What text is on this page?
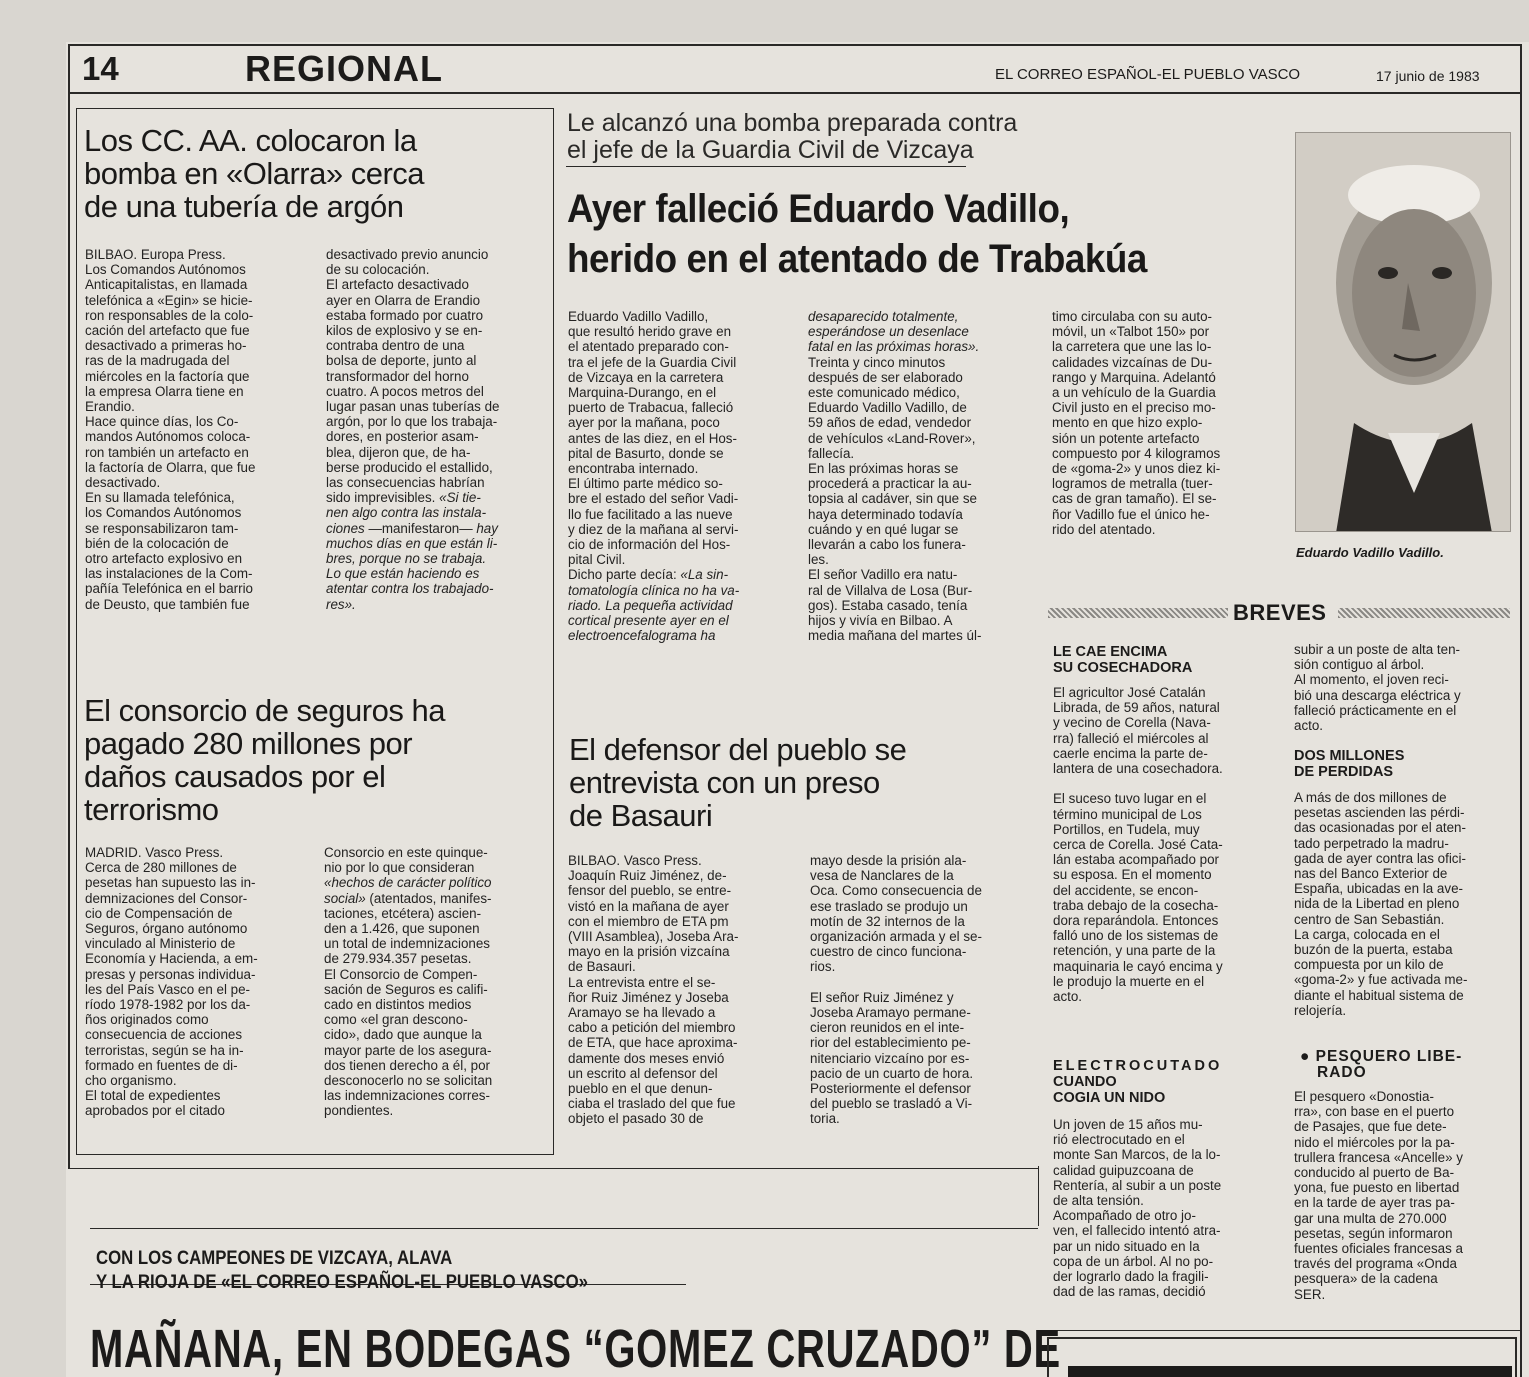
14	REGIONAL	EL CORREO ESPAÑOL-EL PUEBLO VASCO	17 junio de 1983
Los CC. AA. colocaron la
bomba en «Olarra» cerca
de una tubería de argón
BILBAO. Europa Press.
Los Comandos Autónomos
Anticapitalistas, en llamada
telefónica a «Egin» se hicie-
ron responsables de la colo-
cación del artefacto que fue
desactivado a primeras ho-
ras de la madrugada del
miércoles en la factoría que
la empresa Olarra tiene en
Erandio.
Hace quince días, los Co-
mandos Autónomos coloca-
ron también un artefacto en
la factoría de Olarra, que fue
desactivado.
En su llamada telefónica,
los Comandos Autónomos
se responsabilizaron tam-
bién de la colocación de
otro artefacto explosivo en
las instalaciones de la Com-
pañía Telefónica en el barrio
de Deusto, que también fue
desactivado previo anuncio
de su colocación.
El artefacto desactivado
ayer en Olarra de Erandio
estaba formado por cuatro
kilos de explosivo y se en-
contraba dentro de una
bolsa de deporte, junto al
transformador del horno
cuatro. A pocos metros del
lugar pasan unas tuberías de
argón, por lo que los trabaja-
dores, en posterior asam-
blea, dijeron que, de ha-
berse producido el estallido,
las consecuencias habrían
sido imprevisibles. «Si tie-
nen algo contra las instala-
ciones —manifestaron— hay
muchos días en que están li-
bres, porque no se trabaja.
Lo que están haciendo es
atentar contra los trabajado-
res».
El consorcio de seguros ha
pagado 280 millones por
daños causados por el
terrorismo
MADRID. Vasco Press.
Cerca de 280 millones de
pesetas han supuesto las in-
demnizaciones del Consor-
cio de Compensación de
Seguros, órgano autónomo
vinculado al Ministerio de
Economía y Hacienda, a em-
presas y personas individua-
les del País Vasco en el pe-
ríodo 1978-1982 por los da-
ños originados como
consecuencia de acciones
terroristas, según se ha in-
formado en fuentes de di-
cho organismo.
El total de expedientes
aprobados por el citado
Consorcio en este quinque-
nio por lo que consideran
«hechos de carácter político
social» (atentados, manifes-
taciones, etcétera) ascien-
den a 1.426, que suponen
un total de indemnizaciones
de 279.934.357 pesetas.
El Consorcio de Compen-
sación de Seguros es califi-
cado en distintos medios
como «el gran descono-
cido», dado que aunque la
mayor parte de los asegura-
dos tienen derecho a él, por
desconocerlo no se solicitan
las indemnizaciones corres-
pondientes.
Le alcanzó una bomba preparada contra
el jefe de la Guardia Civil de Vizcaya
Ayer falleció Eduardo Vadillo,
herido en el atentado de Trabakúa
Eduardo Vadillo Vadillo,
que resultó herido grave en
el atentado preparado con-
tra el jefe de la Guardia Civil
de Vizcaya en la carretera
Marquina-Durango, en el
puerto de Trabacua, falleció
ayer por la mañana, poco
antes de las diez, en el Hos-
pital de Basurto, donde se
encontraba internado.
El último parte médico so-
bre el estado del señor Vadi-
llo fue facilitado a las nueve
y diez de la mañana al servi-
cio de información del Hos-
pital Civil.
Dicho parte decía: «La sin-
tomatología clínica no ha va-
riado. La pequeña actividad
cortical presente ayer en el
electroencefalograma ha
desaparecido totalmente,
esperándose un desenlace
fatal en las próximas horas».
Treinta y cinco minutos
después de ser elaborado
este comunicado médico,
Eduardo Vadillo Vadillo, de
59 años de edad, vendedor
de vehículos «Land-Rover»,
fallecía.
En las próximas horas se
procederá a practicar la au-
topsia al cadáver, sin que se
haya determinado todavía
cuándo y en qué lugar se
llevarán a cabo los funera-
les.
El señor Vadillo era natu-
ral de Villalva de Losa (Bur-
gos). Estaba casado, tenía
hijos y vivía en Bilbao. A
media mañana del martes úl-
timo circulaba con su auto-
móvil, un «Talbot 150» por
la carretera que une las lo-
calidades vizcaínas de Du-
rango y Marquina. Adelantó
a un vehículo de la Guardia
Civil justo en el preciso mo-
mento en que hizo explo-
sión un potente artefacto
compuesto por 4 kilogramos
de «goma-2» y unos diez ki-
logramos de metralla (tuer-
cas de gran tamaño). El se-
ñor Vadillo fue el único he-
rido del atentado.
Eduardo Vadillo Vadillo.
El defensor del pueblo se
entrevista con un preso
de Basauri
BILBAO. Vasco Press.
Joaquín Ruiz Jiménez, de-
fensor del pueblo, se entre-
vistó en la mañana de ayer
con el miembro de ETA pm
(VIII Asamblea), Joseba Ara-
mayo en la prisión vizcaína
de Basauri.
La entrevista entre el se-
ñor Ruiz Jiménez y Joseba
Aramayo se ha llevado a
cabo a petición del miembro
de ETA, que hace aproxima-
damente dos meses envió
un escrito al defensor del
pueblo en el que denun-
ciaba el traslado del que fue
objeto el pasado 30 de
mayo desde la prisión ala-
vesa de Nanclares de la
Oca. Como consecuencia de
ese traslado se produjo un
motín de 32 internos de la
organización armada y el se-
cuestro de cinco funciona-
rios.

El señor Ruiz Jiménez y
Joseba Aramayo permane-
cieron reunidos en el inte-
rior del establecimiento pe-
nitenciario vizcaíno por es-
pacio de un cuarto de hora.
Posteriormente el defensor
del pueblo se trasladó a Vi-
toria.
BREVES
LE CAE ENCIMA
SU COSECHADORA
El agricultor José Catalán
Librada, de 59 años, natural
y vecino de Corella (Nava-
rra) falleció el miércoles al
caerle encima la parte de-
lantera de una cosechadora.

El suceso tuvo lugar en el
término municipal de Los
Portillos, en Tudela, muy
cerca de Corella. José Cata-
lán estaba acompañado por
su esposa. En el momento
del accidente, se encon-
traba debajo de la cosecha-
dora reparándola. Entonces
falló uno de los sistemas de
retención, y una parte de la
maquinaria le cayó encima y
le produjo la muerte en el
acto.
ELECTROCUTADO
CUANDO
COGIA UN NIDO
Un joven de 15 años mu-
rió electrocutado en el
monte San Marcos, de la lo-
calidad guipuzcoana de
Rentería, al subir a un poste
de alta tensión.
Acompañado de otro jo-
ven, el fallecido intentó atra-
par un nido situado en la
copa de un árbol. Al no po-
der lograrlo dado la fragili-
dad de las ramas, decidió
subir a un poste de alta ten-
sión contiguo al árbol.
Al momento, el joven reci-
bió una descarga eléctrica y
falleció prácticamente en el
acto.
DOS MILLONES
DE PERDIDAS
A más de dos millones de
pesetas ascienden las pérdi-
das ocasionadas por el aten-
tado perpetrado la madru-
gada de ayer contra las ofici-
nas del Banco Exterior de
España, ubicadas en la ave-
nida de la Libertad en pleno
centro de San Sebastián.
La carga, colocada en el
buzón de la puerta, estaba
compuesta por un kilo de
«goma-2» y fue activada me-
diante el habitual sistema de
relojería.
● PESQUERO LIBE-
RADO
El pesquero «Donostia-
rra», con base en el puerto
de Pasajes, que fue dete-
nido el miércoles por la pa-
trullera francesa «Ancelle» y
conducido al puerto de Ba-
yona, fue puesto en libertad
en la tarde de ayer tras pa-
gar una multa de 270.000
pesetas, según informaron
fuentes oficiales francesas a
través del programa «Onda
pesquera» de la cadena
SER.
CON LOS CAMPEONES DE VIZCAYA, ALAVA
Y LA RIOJA DE «EL CORREO ESPAÑOL-EL PUEBLO VASCO»
MAÑANA, EN BODEGAS “GOMEZ CRUZADO” DE
